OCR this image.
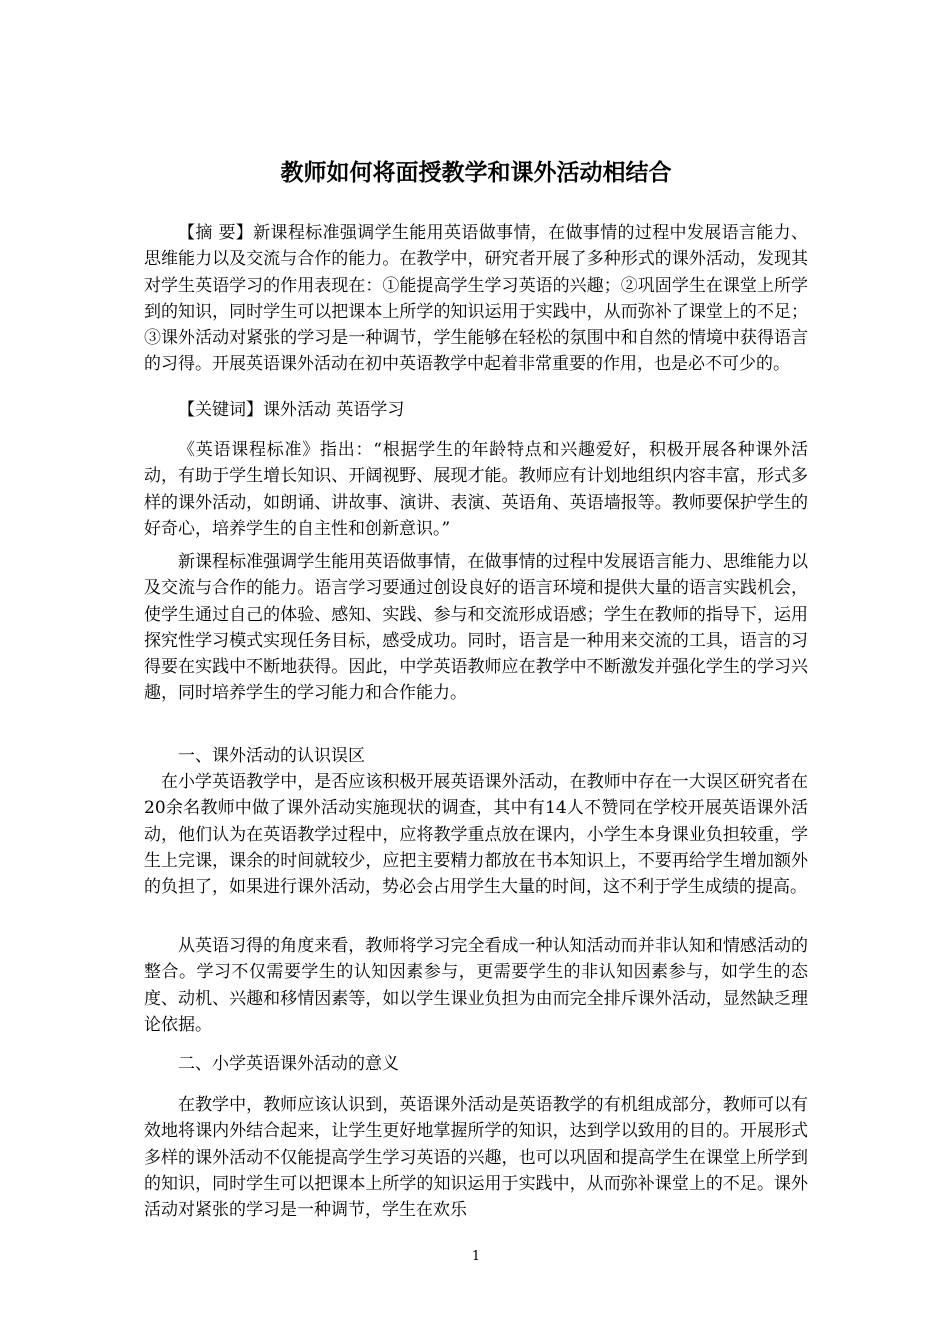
教师如何将面授教学和课外活动相结合

【摘 要】新课程标准强调学生能用英语做事情，在做事情的过程中发展语言能力、思维能力以及交流与合作的能力。在教学中，研究者开展了多种形式的课外活动，发现其对学生英语学习的作用表现在：①能提高学生学习英语的兴趣；②巩固学生在课堂上所学到的知识，同时学生可以把课本上所学的知识运用于实践中，从而弥补了课堂上的不足；③课外活动对紧张的学习是一种调节，学生能够在轻松的氛围中和自然的情境中获得语言的习得。开展英语课外活动在初中英语教学中起着非常重要的作用，也是必不可少的。

【关键词】课外活动 英语学习

《英语课程标准》指出：“根据学生的年龄特点和兴趣爱好，积极开展各种课外活动，有助于学生增长知识、开阔视野、展现才能。教师应有计划地组织内容丰富，形式多样的课外活动，如朗诵、讲故事、演讲、表演、英语角、英语墙报等。教师要保护学生的好奇心，培养学生的自主性和创新意识。”

新课程标准强调学生能用英语做事情，在做事情的过程中发展语言能力、思维能力以及交流与合作的能力。语言学习要通过创设良好的语言环境和提供大量的语言实践机会，使学生通过自己的体验、感知、实践、参与和交流形成语感；学生在教师的指导下，运用探究性学习模式实现任务目标，感受成功。同时，语言是一种用来交流的工具，语言的习得要在实践中不断地获得。因此，中学英语教师应在教学中不断激发并强化学生的学习兴趣，同时培养学生的学习能力和合作能力。

一、课外活动的认识误区

在小学英语教学中，是否应该积极开展英语课外活动，在教师中存在一大误区研究者在20余名教师中做了课外活动实施现状的调查，其中有14人不赞同在学校开展英语课外活动，他们认为在英语教学过程中，应将教学重点放在课内，小学生本身课业负担较重，学生上完课，课余的时间就较少，应把主要精力都放在书本知识上，不要再给学生增加额外的负担了，如果进行课外活动，势必会占用学生大量的时间，这不利于学生成绩的提高。

从英语习得的角度来看，教师将学习完全看成一种认知活动而并非认知和情感活动的整合。学习不仅需要学生的认知因素参与，更需要学生的非认知因素参与，如学生的态度、动机、兴趣和移情因素等，如以学生课业负担为由而完全排斥课外活动，显然缺乏理论依据。

二、小学英语课外活动的意义

在教学中，教师应该认识到，英语课外活动是英语教学的有机组成部分，教师可以有效地将课内外结合起来，让学生更好地掌握所学的知识，达到学以致用的目的。开展形式多样的课外活动不仅能提高学生学习英语的兴趣，也可以巩固和提高学生在课堂上所学到的知识，同时学生可以把课本上所学的知识运用于实践中，从而弥补课堂上的不足。课外活动对紧张的学习是一种调节，学生在欢乐

1
